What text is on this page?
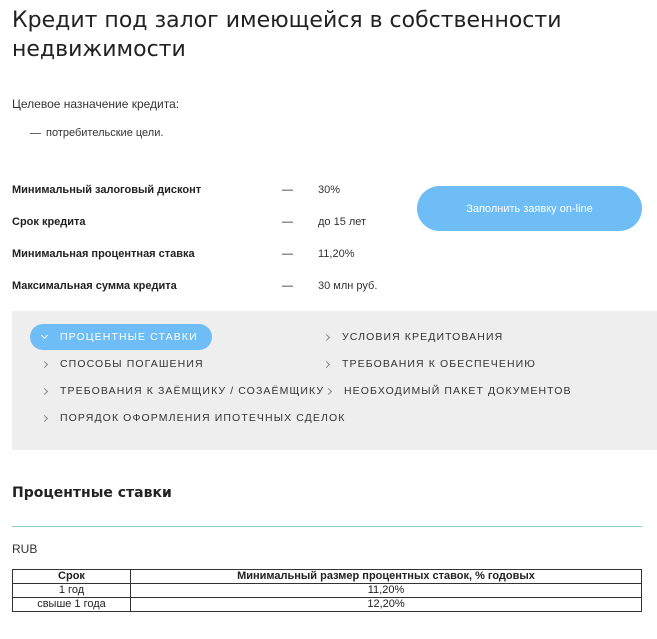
Кредит под залог имеющейся в собственности недвижимости
Целевое назначение кредита:
потребительские цели.
Минимальный залоговый дисконт	— 30%
Срок кредита	— до 15 лет
Минимальная процентная ставка	— 11,20%
Максимальная сумма кредита	— 30 млн руб.
Заполнить заявку on-line
ПРОЦЕНТНЫЕ СТАВКИ	УСЛОВИЯ КРЕДИТОВАНИЯ
СПОСОБЫ ПОГАШЕНИЯ	ТРЕБОВАНИЯ К ОБЕСПЕЧЕНИЮ
ТРЕБОВАНИЯ К ЗАЁМЩИКУ / СОЗАЁМЩИКУ НЕОБХОДИМЫЙ ПАКЕТ ДОКУМЕНТОВ
ПОРЯДОК ОФОРМЛЕНИЯ ИПОТЕЧНЫХ СДЕЛОК
Процентные ставки
RUB
Срок	Минимальный размер процентных ставок, % годовых
1 год	11,20%
свыше 1 года	12,20%
